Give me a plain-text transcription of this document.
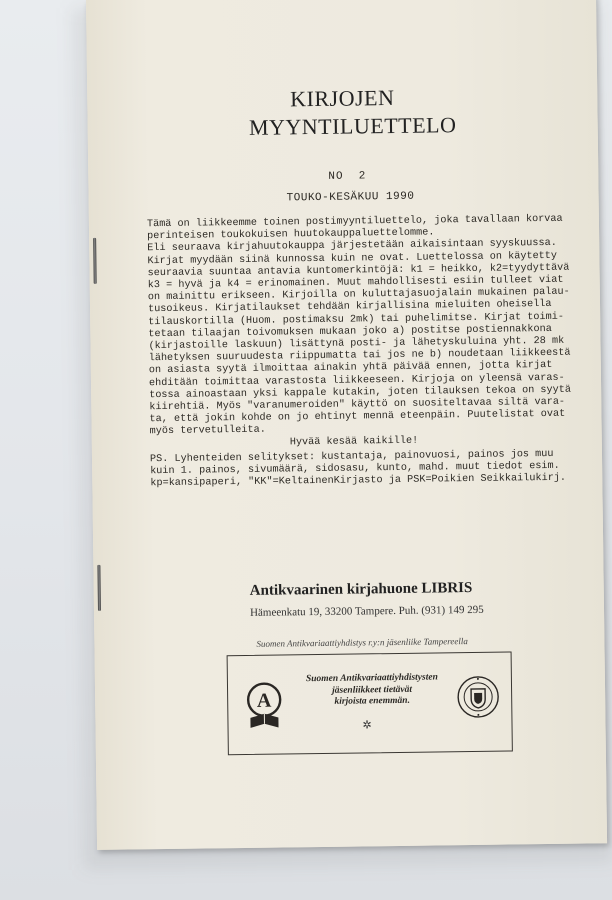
KIRJOJEN
MYYNTILUETTELO
NO  2
TOUKO-KESÄKUU 1990
Tämä on liikkeemme toinen postimyyntiluettelo, joka tavallaan korvaa
perinteisen toukokuisen huutokauppaluettelomme.
Eli seuraava kirjahuutokauppa järjestetään aikaisintaan syyskuussa.
Kirjat myydään siinä kunnossa kuin ne ovat. Luettelossa on käytetty
seuraavia suuntaa antavia kuntomerkintöjä: k1 = heikko, k2=tyydyttävä
k3 = hyvä ja k4 = erinomainen. Muut mahdollisesti esiin tulleet viat
on mainittu erikseen. Kirjoilla on kuluttajasuojalain mukainen palau-
tusoikeus. Kirjatilaukset tehdään kirjallisina mieluiten oheisella
tilauskortilla (Huom. postimaksu 2mk) tai puhelimitse. Kirjat toimi-
tetaan tilaajan toivomuksen mukaan joko a) postitse postiennakkona
(kirjastoille laskuun) lisättynä posti- ja lähetyskuluina yht. 28 mk
lähetyksen suuruudesta riippumatta tai jos ne b) noudetaan liikkeestä
on asiasta syytä ilmoittaa ainakin yhtä päivää ennen, jotta kirjat
ehditään toimittaa varastosta liikkeeseen. Kirjoja on yleensä varas-
tossa ainoastaan yksi kappale kutakin, joten tilauksen tekoa on syytä
kiirehtiä. Myös "varanumeroiden" käyttö on suositeltavaa siltä vara-
ta, että jokin kohde on jo ehtinyt mennä eteenpäin. Puutelistat ovat
myös tervetulleita.
Hyvää kesää kaikille!
PS. Lyhenteiden selitykset: kustantaja, painovuosi, painos jos muu
kuin 1. painos, sivumäärä, sidosasu, kunto, mahd. muut tiedot esim.
kp=kansipaperi, "KK"=KeltainenKirjasto ja PSK=Poikien Seikkailukirj.
Antikvaarinen kirjahuone LIBRIS
Hämeenkatu 19, 33200 Tampere. Puh. (931) 149 295
Suomen Antikvariaattiyhdistys r.y:n jäsenliike Tampereella
A
Suomen Antikvariaattiyhdistysten
jäsenliikkeet tietävät
kirjoista enemmän.
✲
